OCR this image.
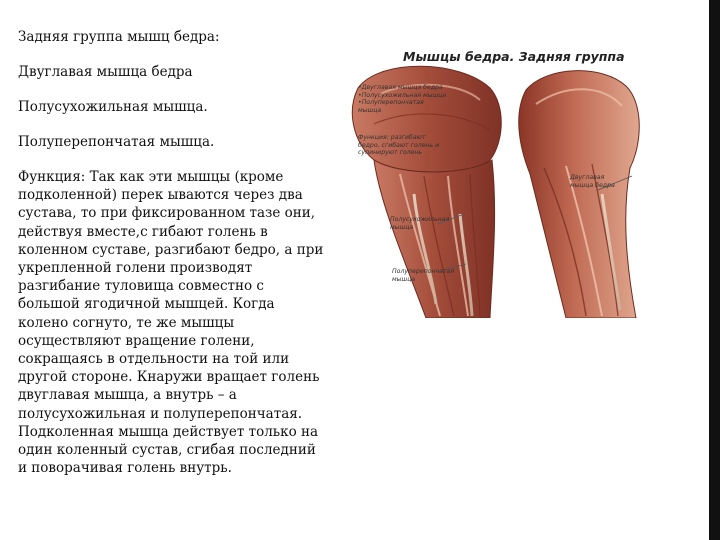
Задняя группа мышц бедра:
Двуглавая мышца бедра
Полусухожильная мышца.
Полуперепончатая мышца.
Функция: Так как эти мышцы (кроме
подколенной) перек ываются через два
сустава, то при фиксированном тазе они,
действуя вместе,с гибают голень в
коленном суставе, разгибают бедро, а при
укрепленной голени производят
разгибание туловища совместно с
большой ягодичной мышцей. Когда
колено согнуто, те же мышцы
осуществляют вращение голени,
сокращаясь в отдельности на той или
другой стороне. Кнаружи вращает голень
двуглавая мышца, а внутрь – а
полусухожильная и полуперепончатая.
Подколенная мышца действует только на
один коленный сустав, сгибая последний
и поворачивая голень внутрь.
Мышцы бедра. Задняя группа
•Двуглавая мышца бедра
•Полусухожильная мышца
•Полуперепончатая
мышца
Функция: разгибают
бедро, сгибают голень и
супинируют голень
Двуглавая
мышца бедра
Полусухожильная
мышца
Полуперепончатая
мышца
